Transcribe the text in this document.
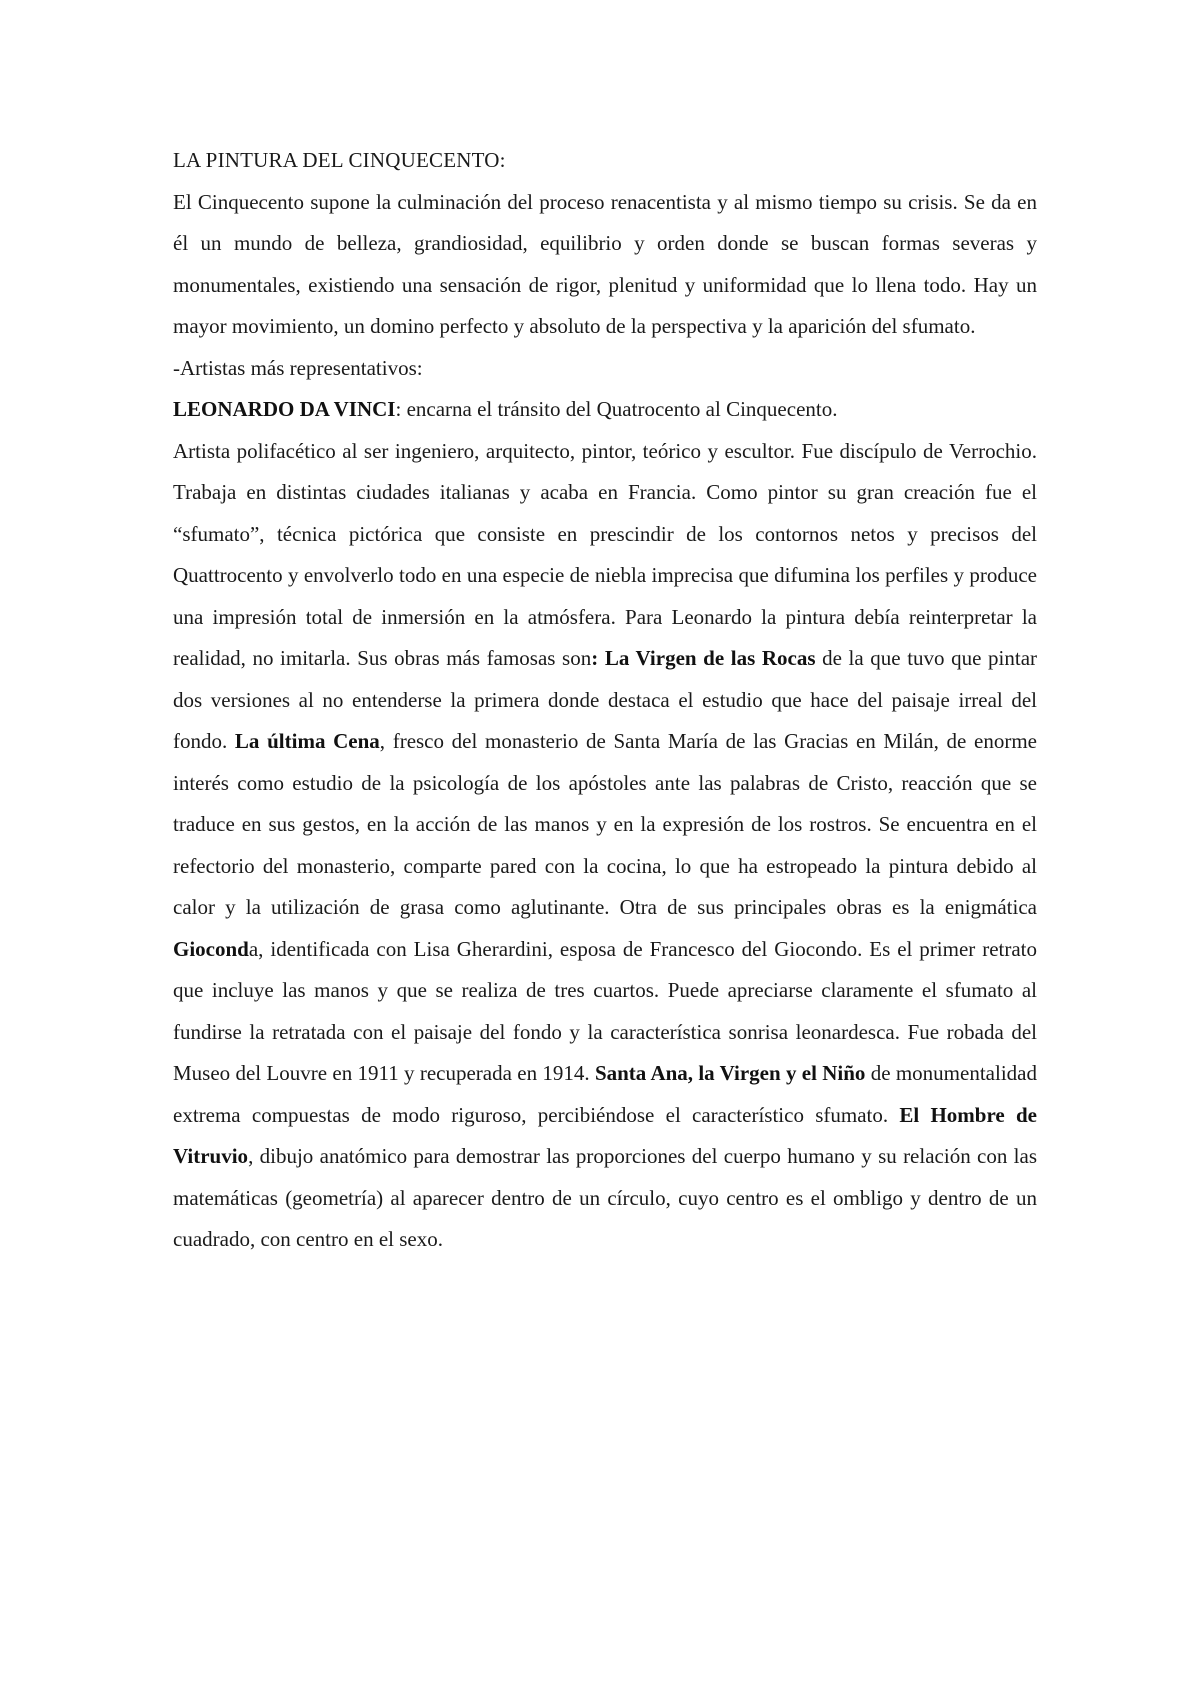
LA PINTURA DEL CINQUECENTO:

El Cinquecento supone la culminación del proceso renacentista y al mismo tiempo su crisis. Se da en él un mundo de belleza, grandiosidad, equilibrio y orden donde se buscan formas severas y monumentales, existiendo una sensación de rigor, plenitud y uniformidad que lo llena todo. Hay un mayor movimiento, un domino perfecto y absoluto de la perspectiva y la aparición del sfumato.

-Artistas más representativos:

LEONARDO DA VINCI: encarna el tránsito del Quatrocento al Cinquecento.

Artista polifacético al ser ingeniero, arquitecto, pintor, teórico y escultor. Fue discípulo de Verrochio. Trabaja en distintas ciudades italianas y acaba en Francia. Como pintor su gran creación fue el “sfumato”, técnica pictórica que consiste en prescindir de los contornos netos y precisos del Quattrocento y envolverlo todo en una especie de niebla imprecisa que difumina los perfiles y produce una impresión total de inmersión en la atmósfera. Para Leonardo la pintura debía reinterpretar la realidad, no imitarla. Sus obras más famosas son: La Virgen de las Rocas de la que tuvo que pintar dos versiones al no entenderse la primera donde destaca el estudio que hace del paisaje irreal del fondo. La última Cena, fresco del monasterio de Santa María de las Gracias en Milán, de enorme interés como estudio de la psicología de los apóstoles ante las palabras de Cristo, reacción que se traduce en sus gestos, en la acción de las manos y en la expresión de los rostros. Se encuentra en el refectorio del monasterio, comparte pared con la cocina, lo que ha estropeado la pintura debido al calor y la utilización de grasa como aglutinante. Otra de sus principales obras es la enigmática Gioconda, identificada con Lisa Gherardini, esposa de Francesco del Giocondo. Es el primer retrato que incluye las manos y que se realiza de tres cuartos. Puede apreciarse claramente el sfumato al fundirse la retratada con el paisaje del fondo y la característica sonrisa leonardesca. Fue robada del Museo del Louvre en 1911 y recuperada en 1914. Santa Ana, la Virgen y el Niño de monumentalidad extrema compuestas de modo riguroso, percibiéndose el característico sfumato. El Hombre de Vitruvio, dibujo anatómico para demostrar las proporciones del cuerpo humano y su relación con las matemáticas (geometría) al aparecer dentro de un círculo, cuyo centro es el ombligo y dentro de un cuadrado, con centro en el sexo.
